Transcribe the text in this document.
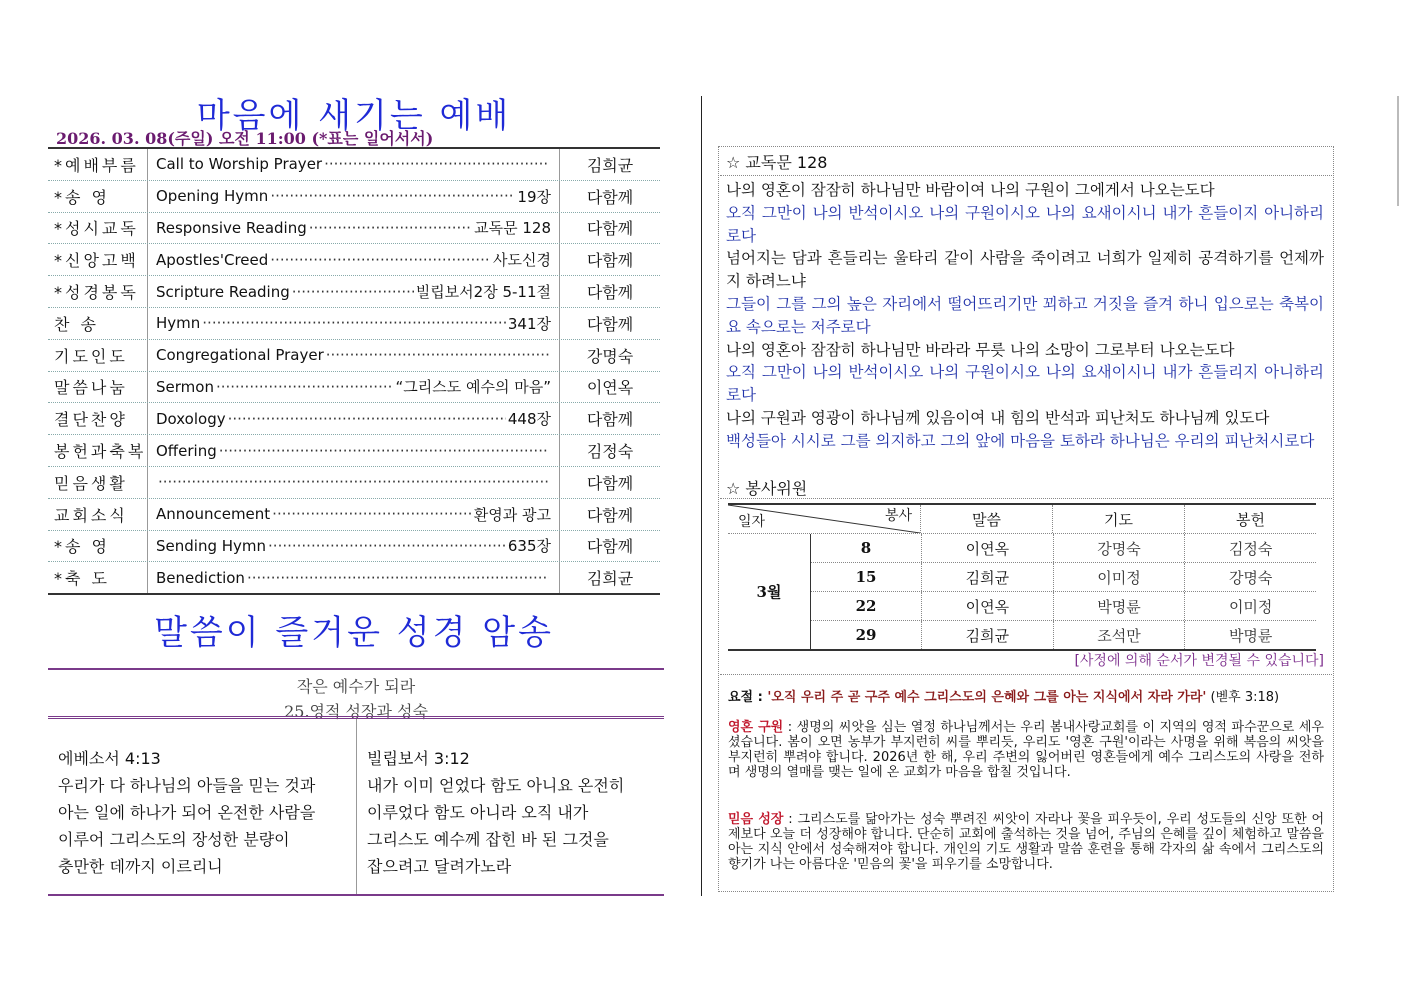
마음에 새기는 예배
2026. 03. 08(주일) 오전 11:00 (*표는 일어서서)
*예배부름	Call to Worship Prayer ·····	김희균
*송 영	Opening Hymn ·····	19장	다함께
*성시교독	Responsive Reading ·····	교독문 128	다함께
*신앙고백	Apostles'Creed ·····	사도신경	다함께
*성경봉독	Scripture Reading ·····	빌립보서2장 5-11절	다함께
찬 송	Hymn ·····	341장	다함께
기도인도	Congregational Prayer ·····	강명숙
말씀나눔	Sermon ·····	“그리스도 예수의 마음”	이연옥
결단찬양	Doxology ·····	448장	다함께
봉헌과축복 Offering ·····	김정숙
믿음생활 ·····	다함께
교회소식	Announcement ·····	환영과 광고	다함께
*송 영	Sending Hymn ·····	635장	다함께
*축 도	Benediction ·····	김희균
말씀이 즐거운 성경 암송
작은 예수가 되라
25.영적 성장과 성숙
에베소서 4:13
우리가 다 하나님의 아들을 믿는 것과
아는 일에 하나가 되어 온전한 사람을
이루어 그리스도의 장성한 분량이
충만한 데까지 이르리니
빌립보서 3:12
내가 이미 얻었다 함도 아니요 온전히
이루었다 함도 아니라 오직 내가
그리스도 예수께 잡힌 바 된 그것을
잡으려고 달려가노라
☆ 교독문 128
나의 영혼이 잠잠히 하나님만 바람이여 나의 구원이 그에게서 나오는도다
오직 그만이 나의 반석이시오 나의 구원이시오 나의 요새이시니 내가 흔들이지 아니하리로다
넘어지는 담과 흔들리는 울타리 같이 사람을 죽이려고 너희가 일제히 공격하기를 언제까지 하려느냐
그들이 그를 그의 높은 자리에서 떨어뜨리기만 꾀하고 거짓을 즐겨 하니 입으로는 축복이요 속으로는 저주로다
나의 영혼아 잠잠히 하나님만 바라라 무릇 나의 소망이 그로부터 나오는도다
오직 그만이 나의 반석이시오 나의 구원이시오 나의 요새이시니 내가 흔들리지 아니하리로다
나의 구원과 영광이 하나님께 있음이여 내 힘의 반석과 피난처도 하나님께 있도다
백성들아 시시로 그를 의지하고 그의 앞에 마음을 토하라 하나님은 우리의 피난처시로다
☆ 봉사위원
봉사
일자	말씀	기도	봉헌
3월
8	이연옥	강명숙	김정숙
15	김희균	이미정	강명숙
22	이연옥	박명륜	이미정
29	김희균	조석만	박명륜
[사정에 의해 순서가 변경될 수 있습니다]
요절 : '오직 우리 주 곧 구주 예수 그리스도의 은혜와 그를 아는 지식에서 자라 가라' (벧후 3:18)
영혼 구원 : 생명의 씨앗을 심는 열정 하나님께서는 우리 봄내사랑교회를 이 지역의 영적 파수꾼으로 세우셨습니다. 봄이 오면 농부가 부지런히 씨를 뿌리듯, 우리도 '영혼 구원'이라는 사명을 위해 복음의 씨앗을 부지런히 뿌려야 합니다. 2026년 한 해, 우리 주변의 잃어버린 영혼들에게 예수 그리스도의 사랑을 전하며 생명의 열매를 맺는 일에 온 교회가 마음을 합칠 것입니다.
믿음 성장 : 그리스도를 닮아가는 성숙 뿌려진 씨앗이 자라나 꽃을 피우듯이, 우리 성도들의 신앙 또한 어제보다 오늘 더 성장해야 합니다. 단순히 교회에 출석하는 것을 넘어, 주님의 은혜를 깊이 체험하고 말씀을 아는 지식 안에서 성숙해져야 합니다. 개인의 기도 생활과 말씀 훈련을 통해 각자의 삶 속에서 그리스도의 향기가 나는 아름다운 '믿음의 꽃'을 피우기를 소망합니다.
